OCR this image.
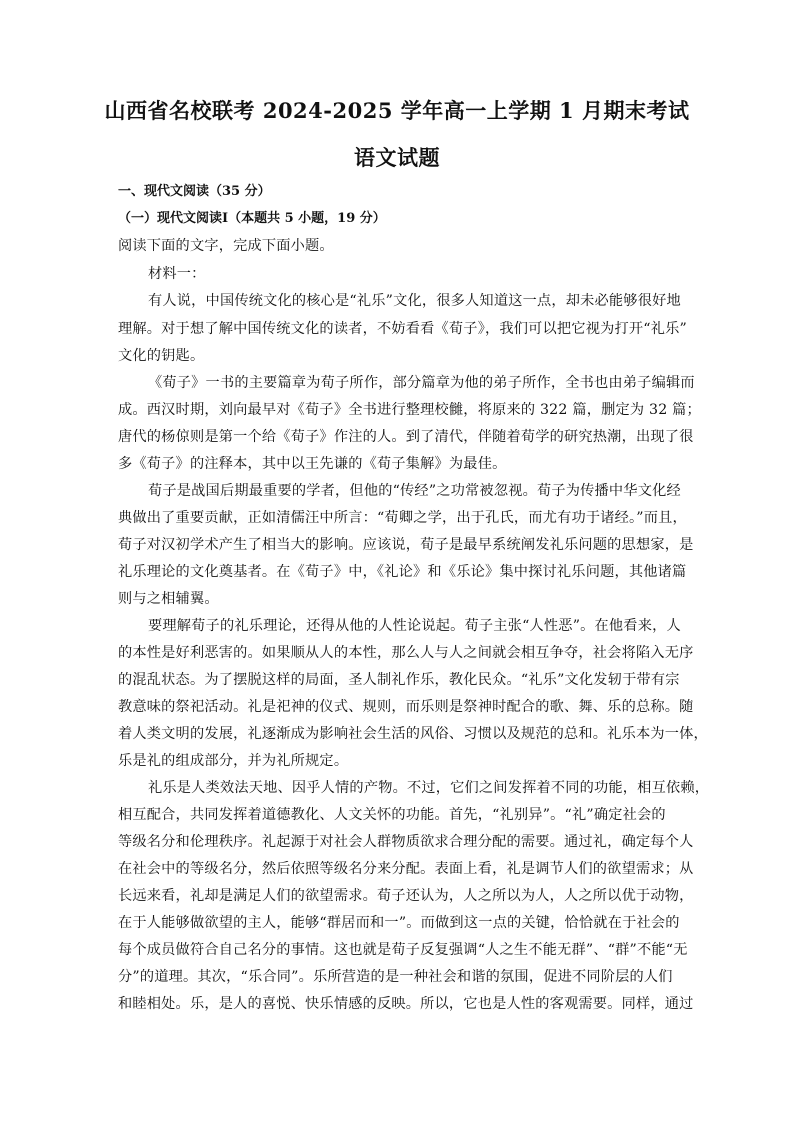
山西省名校联考 2024-2025 学年高一上学期 1 月期末考试
语文试题
一、现代文阅读（35 分）
（一）现代文阅读Ⅰ（本题共 5 小题，19 分）
阅读下面的文字，完成下面小题。
材料一：
有人说，中国传统文化的核心是“礼乐”文化，很多人知道这一点，却未必能够很好地
理解。对于想了解中国传统文化的读者，不妨看看《荀子》，我们可以把它视为打开“礼乐”
文化的钥匙。
《荀子》一书的主要篇章为荀子所作，部分篇章为他的弟子所作，全书也由弟子编辑而
成。西汉时期，刘向最早对《荀子》全书进行整理校雠，将原来的 322 篇，删定为 32 篇；
唐代的杨倞则是第一个给《荀子》作注的人。到了清代，伴随着荀学的研究热潮，出现了很
多《荀子》的注释本，其中以王先谦的《荀子集解》为最佳。
荀子是战国后期最重要的学者，但他的“传经”之功常被忽视。荀子为传播中华文化经
典做出了重要贡献，正如清儒汪中所言：“荀卿之学，出于孔氏，而尤有功于诸经。”而且，
荀子对汉初学术产生了相当大的影响。应该说，荀子是最早系统阐发礼乐问题的思想家，是
礼乐理论的文化奠基者。在《荀子》中，《礼论》和《乐论》集中探讨礼乐问题，其他诸篇
则与之相辅翼。
要理解荀子的礼乐理论，还得从他的人性论说起。荀子主张“人性恶”。在他看来，人
的本性是好利恶害的。如果顺从人的本性，那么人与人之间就会相互争夺，社会将陷入无序
的混乱状态。为了摆脱这样的局面，圣人制礼作乐，教化民众。“礼乐”文化发轫于带有宗
教意味的祭祀活动。礼是祀神的仪式、规则，而乐则是祭神时配合的歌、舞、乐的总称。随
着人类文明的发展，礼逐渐成为影响社会生活的风俗、习惯以及规范的总和。礼乐本为一体，
乐是礼的组成部分，并为礼所规定。
礼乐是人类效法天地、因乎人情的产物。不过，它们之间发挥着不同的功能，相互依赖，
相互配合，共同发挥着道德教化、人文关怀的功能。首先，“礼别异”。“礼”确定社会的
等级名分和伦理秩序。礼起源于对社会人群物质欲求合理分配的需要。通过礼，确定每个人
在社会中的等级名分，然后依照等级名分来分配。表面上看，礼是调节人们的欲望需求；从
长远来看，礼却是满足人们的欲望需求。荀子还认为，人之所以为人，人之所以优于动物，
在于人能够做欲望的主人，能够“群居而和一”。而做到这一点的关键，恰恰就在于社会的
每个成员做符合自己名分的事情。这也就是荀子反复强调“人之生不能无群”、“群”不能“无
分”的道理。其次，“乐合同”。乐所营造的是一种社会和谐的氛围，促进不同阶层的人们
和睦相处。乐，是人的喜悦、快乐情感的反映。所以，它也是人性的客观需要。同样，通过
